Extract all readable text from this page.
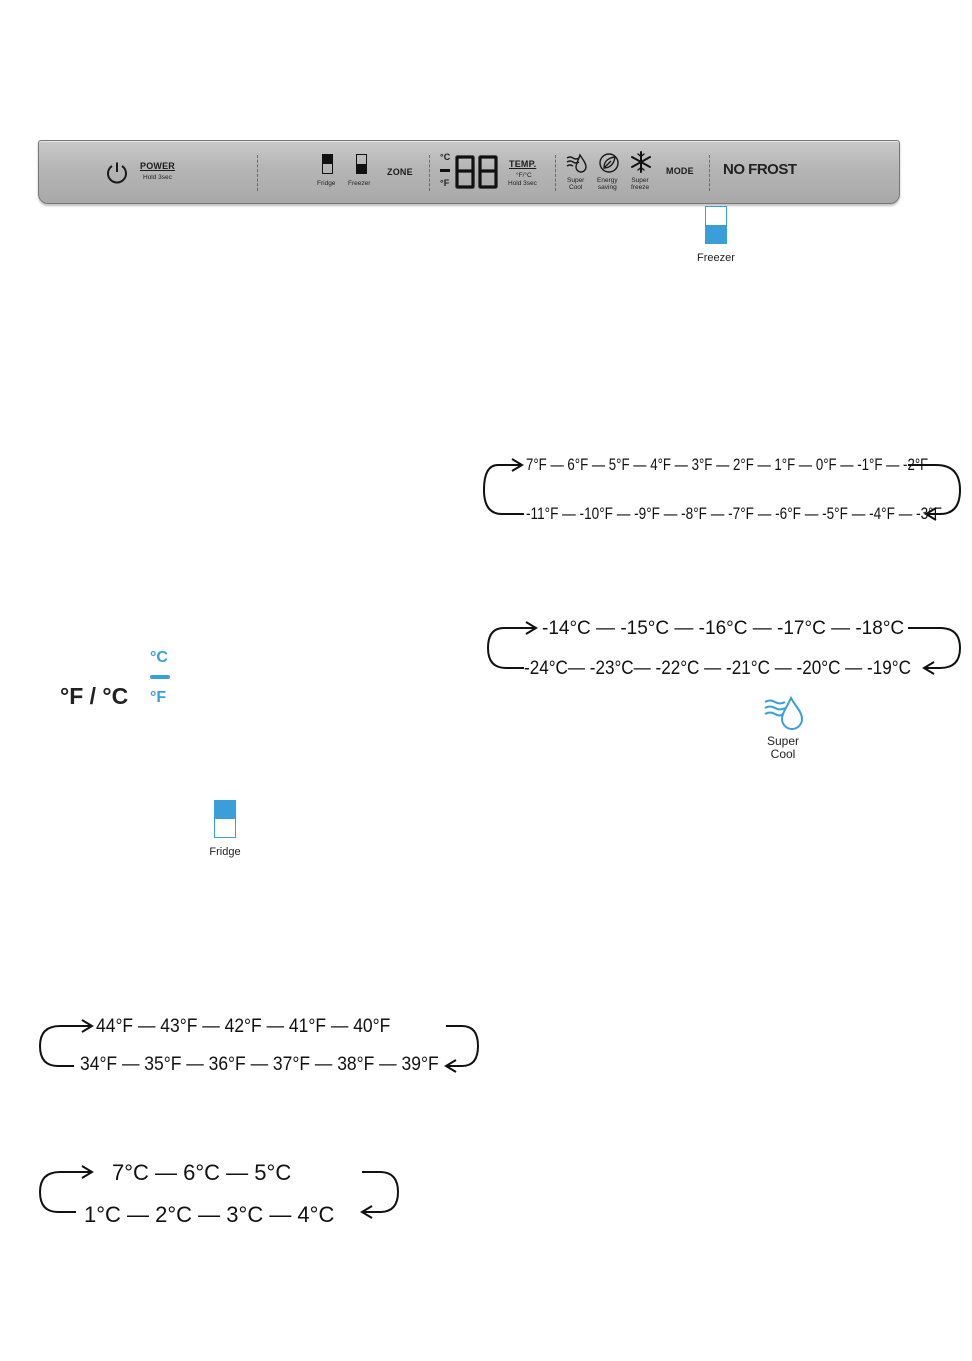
POWER
Hold 3sec
Fridge Freezer
ZONE
°C
°F
TEMP.
°F/°C
Hold 3sec	Super
Cool
Energy
saving
Super
freeze
MODE NO FROST
Freezer
7°F — 6°F — 5°F — 4°F — 3°F — 2°F — 1°F — 0°F — -1°F — -2°F
-11°F — -10°F — -9°F — -8°F — -7°F — -6°F — -5°F — -4°F — -3°F
-14°C — -15°C — -16°C — -17°C — -18°C
-24°C— -23°C— -22°C — -21°C — -20°C — -19°C
Super
Cool
°F / °C
°C
°F
Fridge
44°F — 43°F — 42°F — 41°F — 40°F
34°F — 35°F — 36°F — 37°F — 38°F — 39°F
7°C — 6°C — 5°C
1°C — 2°C — 3°C — 4°C
